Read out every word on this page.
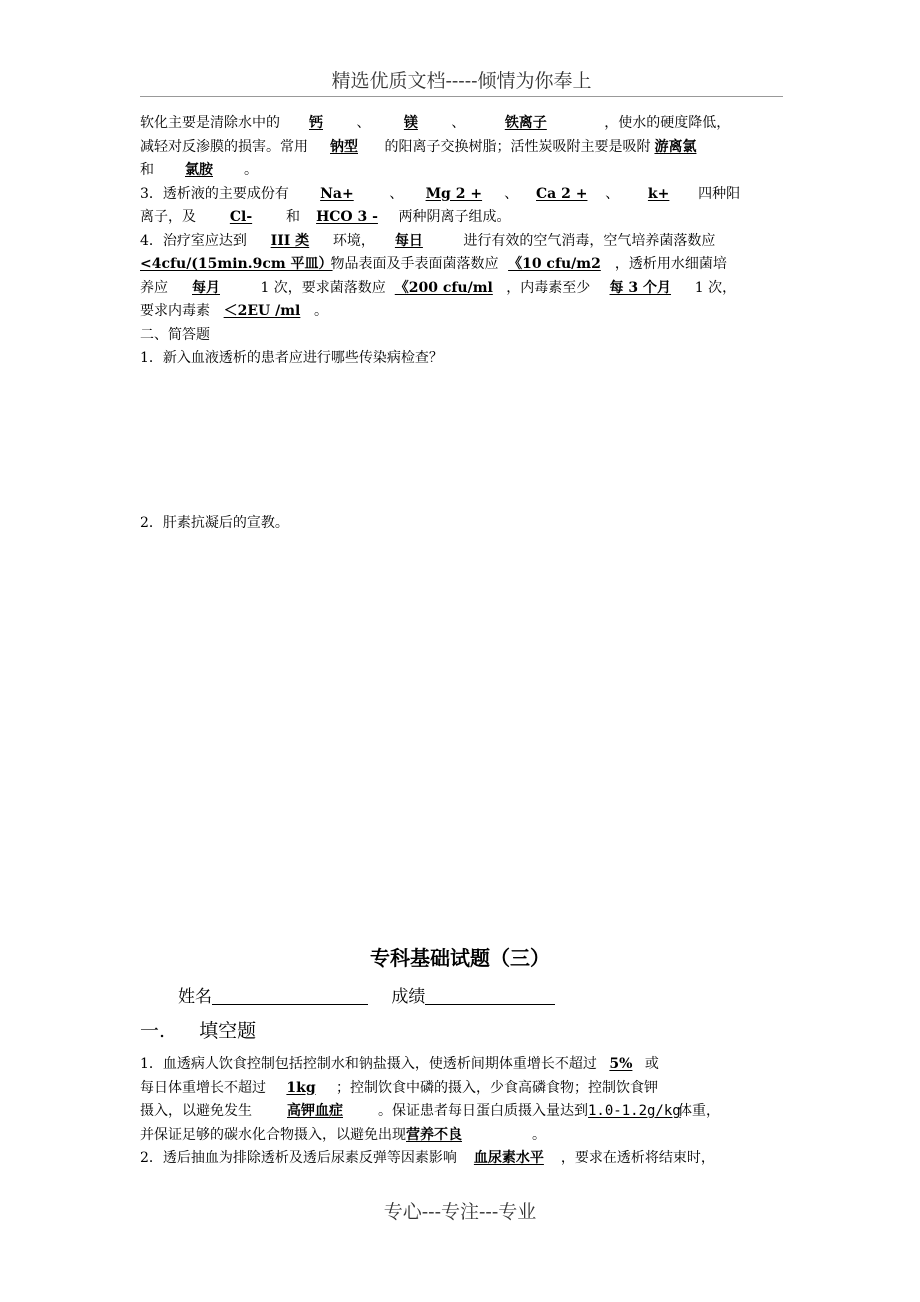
精选优质文档-----倾情为你奉上
软化主要是清除水中的 钙 、 镁 、	铁离子	，使水的硬度降低，
减轻对反渗膜的损害。常用 钠型 的阳离子交换树脂；活性炭吸附主要是吸附 游离氯
和 氯胺 。
3．透析液的主要成份有 Na+	、 Mg 2 + 、 Ca 2 + 、 k+ 四种阳
离子，及 Cl- 和 HCO 3 - 两种阴离子组成。
4．治疗室应达到 III 类 环境， 每日	进行有效的空气消毒，空气培养菌落数应
<4cfu/(15min.9cm 平皿） 物品表面及手表面菌落数应 《10 cfu/m2 ，透析用水细菌培
养应 每月	1 次，要求菌落数应 《200 cfu/ml ，内毒素至少 每 3 个月 1 次，
要求内毒素 ＜2EU /ml 。
二、简答题
1．新入血液透析的患者应进行哪些传染病检查？
2．肝素抗凝后的宣教。
专科基础试题（三）
姓名	成绩
一. 填空题
1．血透病人饮食控制包括控制水和钠盐摄入，使透析间期体重增长不超过 5% 或
每日体重增长不超过 1kg ；控制饮食中磷的摄入，少食高磷食物；控制饮食钾
摄入，以避免发生	高钾血症	。保证患者每日蛋白质摄入量达到1.0-1.2g/kg体重，
并保证足够的碳水化合物摄入，以避免出现营养不良	。
2．透后抽血为排除透析及透后尿素反弹等因素影响 血尿素水平 ，要求在透析将结束时，
专心---专注---专业
